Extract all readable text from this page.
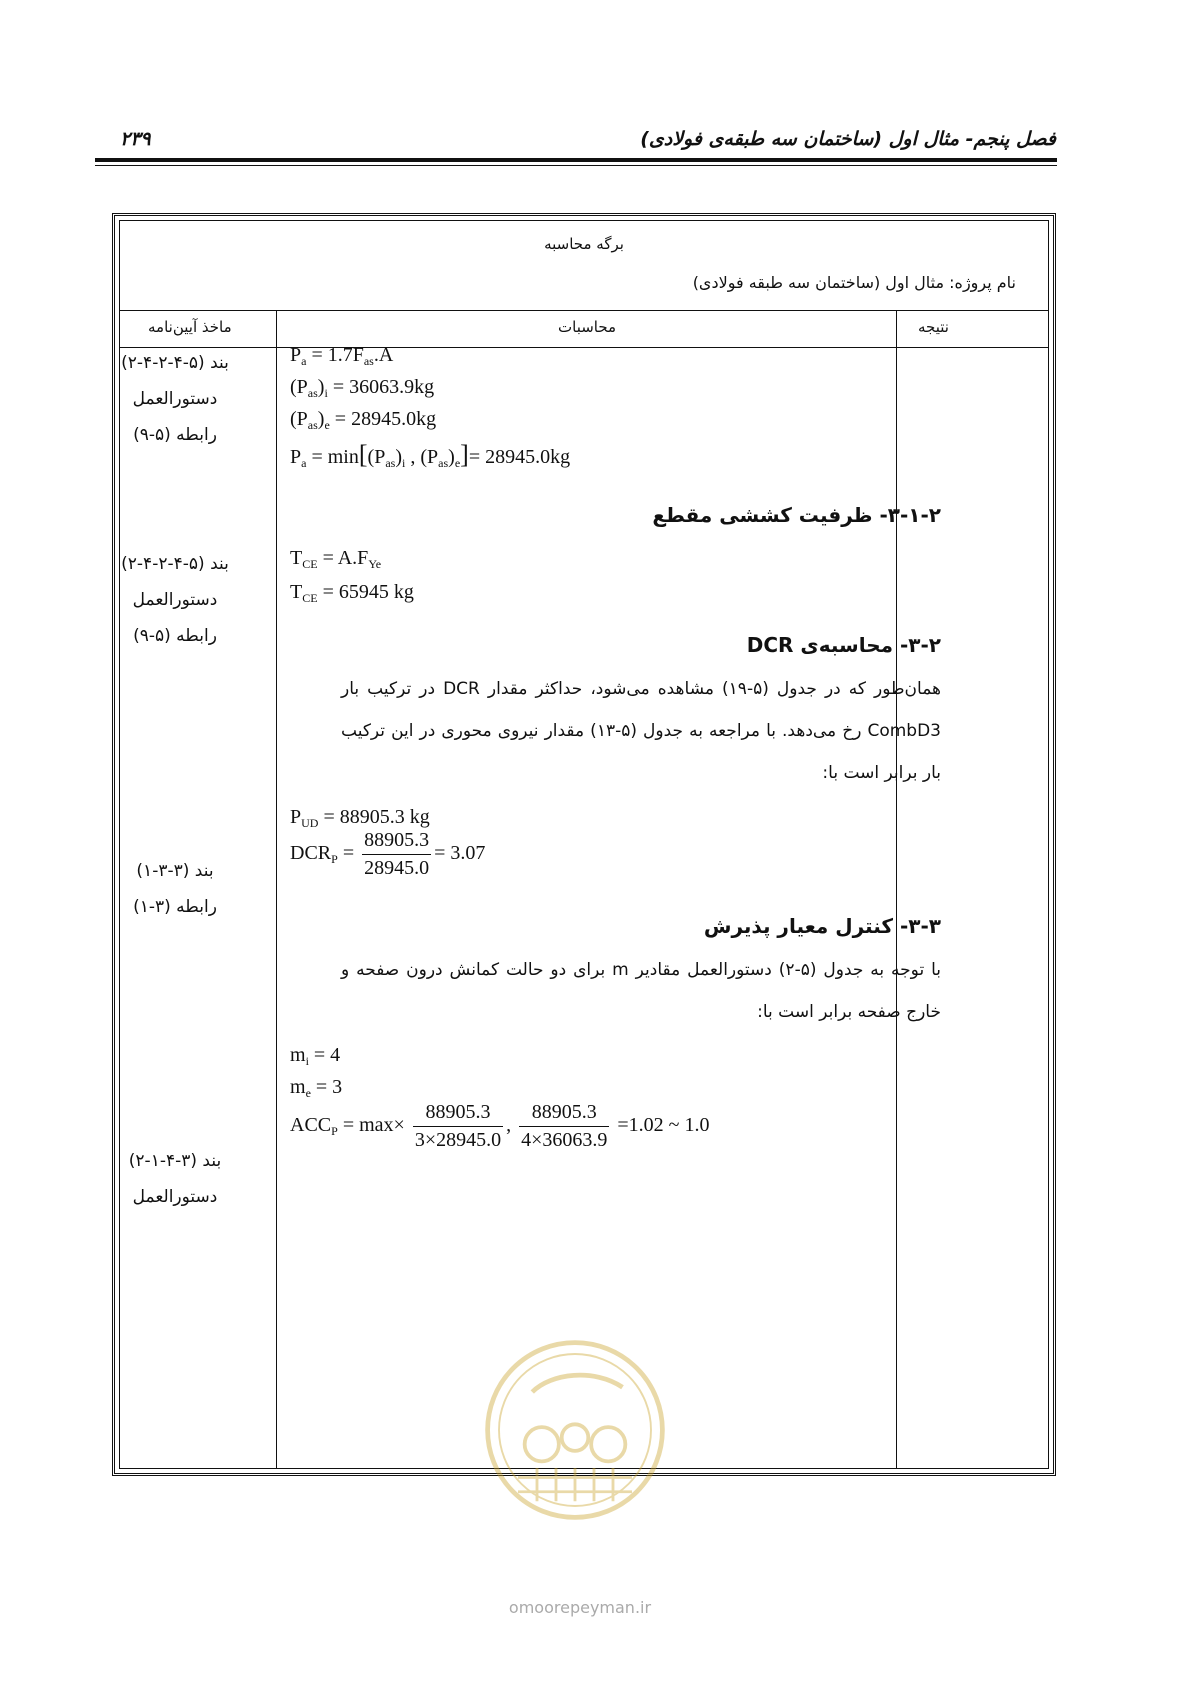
فصل پنجم- مثال اول (ساختمان سه طبقه‌ی فولادی)
۲۳۹
برگه محاسبه
نام پروژه: مثال اول (ساختمان سه طبقه فولادی)
نتیجه
محاسبات
ماخذ آیین‌نامه
بند (۵-۴-۲-۴-۲)
دستورالعمل
رابطه (۵-۹)
بند (۵-۴-۲-۴-۲)
دستورالعمل
رابطه (۵-۹)
بند (۳-۳-۱)
رابطه (۳-۱)
بند (۳-۴-۱-۲)
دستورالعمل
$P_a = 1.7F_{as}.A$
$(P_{as})_i = 36063.9kg$
$(P_{as})_e = 28945.0kg$
$P_a = \min[(P_{as})_i$ , $(P_{as})_e]= 28945.0kg$
۳-۱-۲- ظرفیت کششی مقطع
$T_{CE} = A.F_{Ye}$
$T_{CE} = 65945$ kg
۳-۲- محاسبه‌ی DCR
همان‌طور که در جدول (۵-۱۹) مشاهده می‌شود، حداکثر مقدار DCR در ترکیب بار CombD3 رخ می‌دهد. با مراجعه به جدول (۵-۱۳) مقدار نیروی محوری در این ترکیب بار برابر است با:
$P_{UD} = 88905.3$ kg
$DCR_P = \frac{88905.3}{28945.0} = 3.07$
۳-۳- کنترل معیار پذیرش
با توجه به جدول (۵-۲) دستورالعمل مقادیر m برای دو حالت کمانش درون صفحه و خارج صفحه برابر است با:
$m_i = 4$
$m_e = 3$
$ACC_P = \max\times \frac{88905.3}{3\times 28945.0}$ , $\frac{88905.3}{4\times 36063.9} =1.02$ ~ 1.0
omoorepeyman.ir
